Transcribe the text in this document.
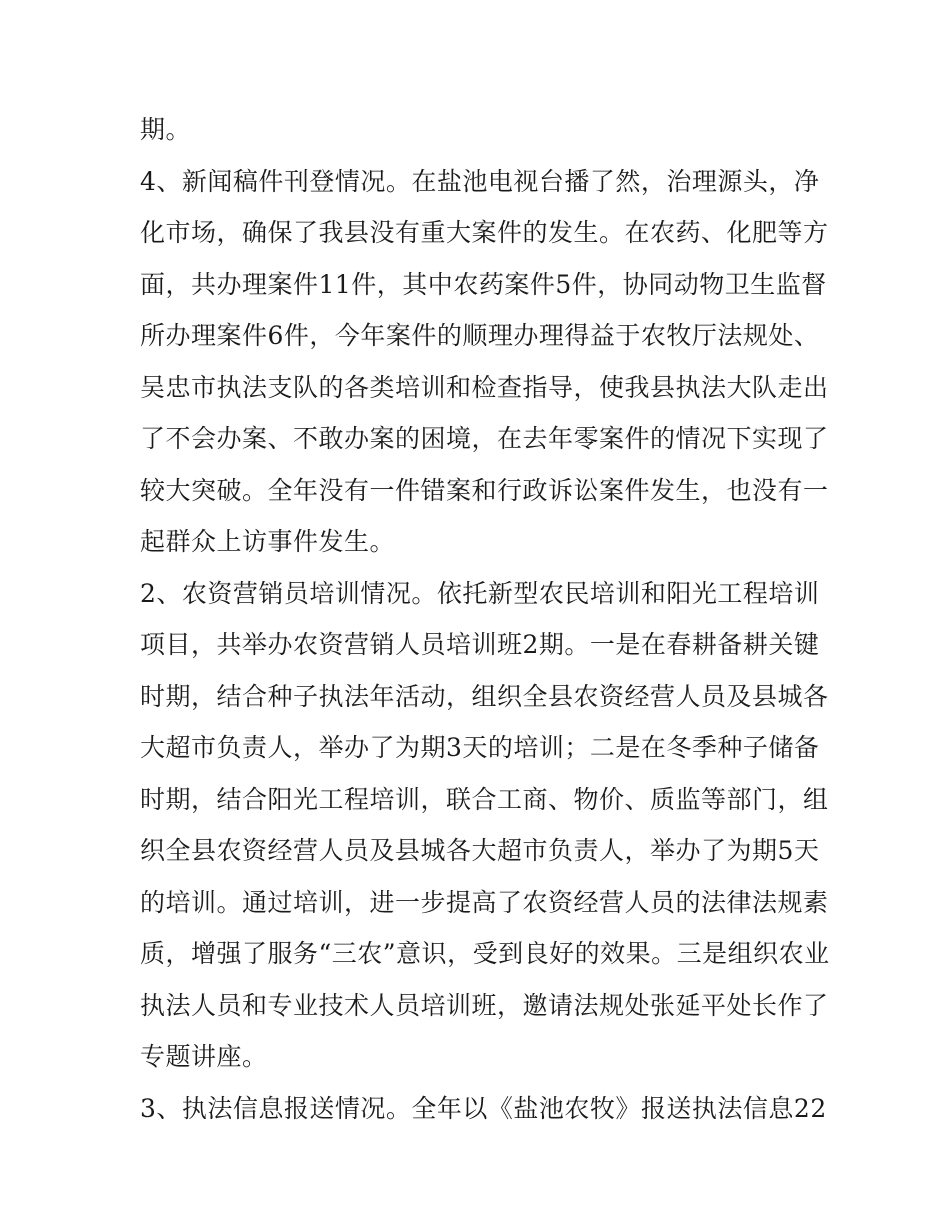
期。
4、新闻稿件刊登情况。在盐池电视台播了然，治理源头，净
化市场，确保了我县没有重大案件的发生。在农药、化肥等方
面，共办理案件11件，其中农药案件5件，协同动物卫生监督
所办理案件6件，今年案件的顺理办理得益于农牧厅法规处、
吴忠市执法支队的各类培训和检查指导，使我县执法大队走出
了不会办案、不敢办案的困境，在去年零案件的情况下实现了
较大突破。全年没有一件错案和行政诉讼案件发生，也没有一
起群众上访事件发生。
2、农资营销员培训情况。依托新型农民培训和阳光工程培训
项目，共举办农资营销人员培训班2期。一是在春耕备耕关键
时期，结合种子执法年活动，组织全县农资经营人员及县城各
大超市负责人，举办了为期3天的培训；二是在冬季种子储备
时期，结合阳光工程培训，联合工商、物价、质监等部门，组
织全县农资经营人员及县城各大超市负责人，举办了为期5天
的培训。通过培训，进一步提高了农资经营人员的法律法规素
质，增强了服务“三农”意识，受到良好的效果。三是组织农业
执法人员和专业技术人员培训班，邀请法规处张延平处长作了
专题讲座。
3、执法信息报送情况。全年以《盐池农牧》报送执法信息22
